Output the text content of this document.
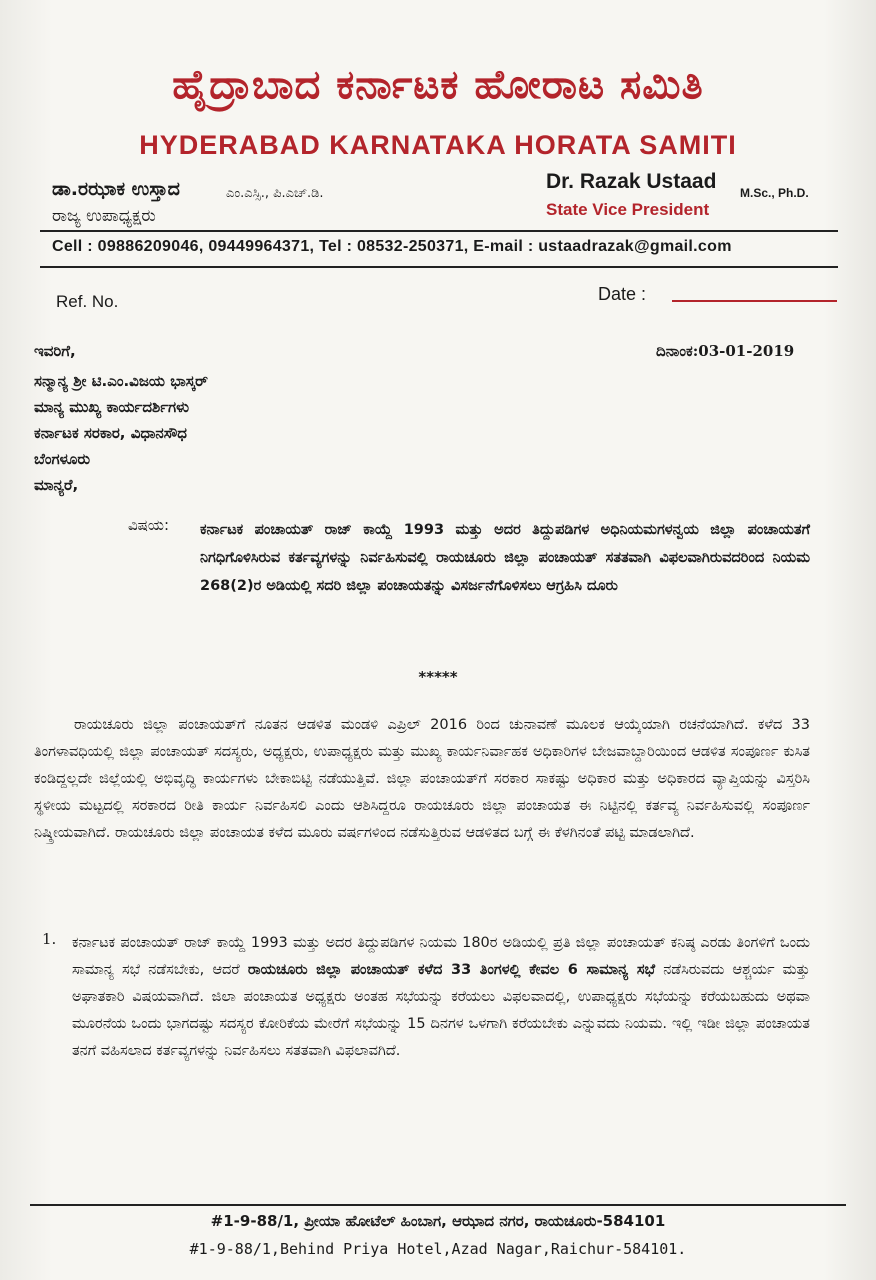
ಹೈದ್ರಾಬಾದ ಕರ್ನಾಟಕ ಹೋರಾಟ ಸಮಿತಿ
HYDERABAD KARNATAKA HORATA SAMITI
ಡಾ.ರಝಾಕ ಉಸ್ತಾದ	ಎಂ.ಎಸ್ಸಿ., ಪಿ.ಎಚ್.ಡಿ.
ರಾಜ್ಯ ಉಪಾಧ್ಯಕ್ಷರು
Dr. Razak Ustaad M.Sc., Ph.D.
State Vice President
Cell : 09886209046, 09449964371, Tel : 08532-250371, E-mail : ustaadrazak@gmail.com
Ref. No.	Date :
ಇವರಿಗೆ,	ದಿನಾಂಕ:03-01-2019
ಸನ್ಮಾನ್ಯ ಶ್ರೀ ಟಿ.ಎಂ.ವಿಜಯ ಭಾಸ್ಕರ್
ಮಾನ್ಯ ಮುಖ್ಯ ಕಾರ್ಯದರ್ಶಿಗಳು
ಕರ್ನಾಟಕ ಸರಕಾರ, ವಿಧಾನಸೌಧ
ಬೆಂಗಳೂರು
ಮಾನ್ಯರೆ,
ವಿಷಯ: ಕರ್ನಾಟಕ ಪಂಚಾಯತ್ ರಾಜ್ ಕಾಯ್ದೆ 1993 ಮತ್ತು ಅದರ ತಿದ್ದುಪಡಿಗಳ ಅಧಿನಿಯಮಗಳನ್ವಯ ಜಿಲ್ಲಾ ಪಂಚಾಯತಗೆ ನಿಗಧಿಗೊಳಿಸಿರುವ ಕರ್ತವ್ಯಗಳನ್ನು ನಿರ್ವಹಿಸುವಲ್ಲಿ ರಾಯಚೂರು ಜಿಲ್ಲಾ ಪಂಚಾಯತ್ ಸತತವಾಗಿ ವಿಫಲವಾಗಿರುವದರಿಂದ ನಿಯಮ 268(2)ರ ಅಡಿಯಲ್ಲಿ ಸದರಿ ಜಿಲ್ಲಾ ಪಂಚಾಯತನ್ನು ವಿಸರ್ಜನೆಗೊಳಿಸಲು ಆಗ್ರಹಿಸಿ ದೂರು
*****
ರಾಯಚೂರು ಜಿಲ್ಲಾ ಪಂಚಾಯತ್‌ಗೆ ನೂತನ ಆಡಳಿತ ಮಂಡಳಿ ಎಪ್ರಿಲ್ 2016 ರಿಂದ ಚುನಾವಣೆ ಮೂಲಕ ಆಯ್ಕೆಯಾಗಿ ರಚನೆಯಾಗಿದೆ. ಕಳೆದ 33 ತಿಂಗಳಾವಧಿಯಲ್ಲಿ ಜಿಲ್ಲಾ ಪಂಚಾಯತ್ ಸದಸ್ಯರು, ಅಧ್ಯಕ್ಷರು, ಉಪಾಧ್ಯಕ್ಷರು ಮತ್ತು ಮುಖ್ಯ ಕಾರ್ಯನಿರ್ವಾಹಕ ಅಧಿಕಾರಿಗಳ ಬೇಜವಾಬ್ದಾರಿಯಿಂದ ಆಡಳಿತ ಸಂಪೂರ್ಣ ಕುಸಿತ ಕಂಡಿದ್ದಲ್ಲದೇ ಜಿಲ್ಲೆಯಲ್ಲಿ ಅಭಿವೃದ್ಧಿ ಕಾರ್ಯಗಳು ಬೇಕಾಬಿಟ್ಟಿ ನಡೆಯುತ್ತಿವೆ. ಜಿಲ್ಲಾ ಪಂಚಾಯತ್‌ಗೆ ಸರಕಾರ ಸಾಕಷ್ಟು ಅಧಿಕಾರ ಮತ್ತು ಅಧಿಕಾರದ ವ್ಯಾಪ್ತಿಯನ್ನು ವಿಸ್ತರಿಸಿ ಸ್ಥಳೀಯ ಮಟ್ಟದಲ್ಲಿ ಸರಕಾರದ ರೀತಿ ಕಾರ್ಯ ನಿರ್ವಹಿಸಲಿ ಎಂದು ಆಶಿಸಿದ್ದರೂ ರಾಯಚೂರು ಜಿಲ್ಲಾ ಪಂಚಾಯತ ಈ ನಿಟ್ಟಿನಲ್ಲಿ ಕರ್ತವ್ಯ ನಿರ್ವಹಿಸುವಲ್ಲಿ ಸಂಪೂರ್ಣ ನಿಷ್ಕ್ರೀಯವಾಗಿದೆ. ರಾಯಚೂರು ಜಿಲ್ಲಾ ಪಂಚಾಯತ ಕಳೆದ ಮೂರು ವರ್ಷಗಳಿಂದ ನಡೆಸುತ್ತಿರುವ ಆಡಳಿತದ ಬಗ್ಗೆ ಈ ಕೆಳಗಿನಂತೆ ಪಟ್ಟಿ ಮಾಡಲಾಗಿದೆ.
1. ಕರ್ನಾಟಕ ಪಂಚಾಯತ್ ರಾಜ್ ಕಾಯ್ದೆ 1993 ಮತ್ತು ಅದರ ತಿದ್ದುಪಡಿಗಳ ನಿಯಮ 180ರ ಅಡಿಯಲ್ಲಿ ಪ್ರತಿ ಜಿಲ್ಲಾ ಪಂಚಾಯತ್ ಕನಿಷ್ಠ ಎರಡು ತಿಂಗಳಿಗೆ ಒಂದು ಸಾಮಾನ್ಯ ಸಭೆ ನಡೆಸಬೇಕು, ಆದರೆ ರಾಯಚೂರು ಜಿಲ್ಲಾ ಪಂಚಾಯತ್ ಕಳೆದ 33 ತಿಂಗಳಲ್ಲಿ ಕೇವಲ 6 ಸಾಮಾನ್ಯ ಸಭೆ ನಡೆಸಿರುವದು ಆಶ್ಚರ್ಯ ಮತ್ತು ಅಘಾತಕಾರಿ ವಿಷಯವಾಗಿದೆ. ಜಿಲಾ ಪಂಚಾಯತ ಅಧ್ಯಕ್ಷರು ಅಂತಹ ಸಭೆಯನ್ನು ಕರೆಯಲು ವಿಫಲವಾದಲ್ಲಿ, ಉಪಾಧ್ಯಕ್ಷರು ಸಭೆಯನ್ನು ಕರೆಯಬಹುದು ಅಥವಾ ಮೂರನೆಯ ಒಂದು ಭಾಗದಷ್ಟು ಸದಸ್ಯರ ಕೋರಿಕೆಯ ಮೇರೆಗೆ ಸಭೆಯನ್ನು 15 ದಿನಗಳ ಒಳಗಾಗಿ ಕರೆಯಬೇಕು ಎನ್ನುವದು ನಿಯಮ. ಇಲ್ಲಿ ಇಡೀ ಜಿಲ್ಲಾ ಪಂಚಾಯತ ತನಗೆ ವಹಿಸಲಾದ ಕರ್ತವ್ಯಗಳನ್ನು ನಿರ್ವಹಿಸಲು ಸತತವಾಗಿ ವಿಫಲಾವಗಿದೆ.
#1-9-88/1, ಪ್ರೀಯಾ ಹೋಟೆಲ್ ಹಿಂಬಾಗ, ಆಝಾದ ನಗರ, ರಾಯಚೂರು-584101
#1-9-88/1,Behind Priya Hotel,Azad Nagar,Raichur-584101.
